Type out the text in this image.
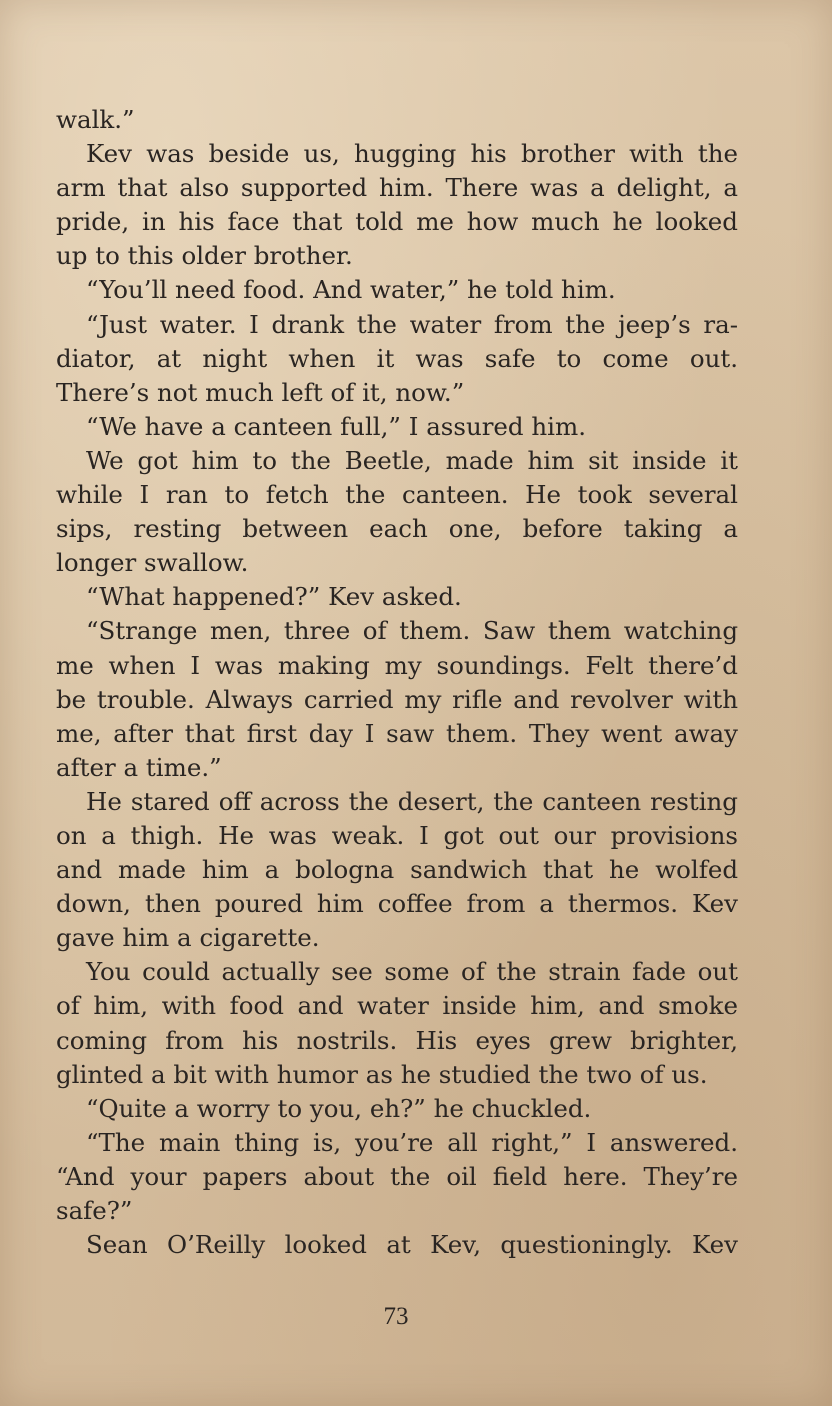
walk.”
Kev was beside us, hugging his brother with the
arm that also supported him. There was a delight, a
pride, in his face that told me how much he looked
up to this older brother.
“You’ll need food. And water,” he told him.
“Just water. I drank the water from the jeep’s ra-
diator, at night when it was safe to come out.
There’s not much left of it, now.”
“We have a canteen full,” I assured him.
We got him to the Beetle, made him sit inside it
while I ran to fetch the canteen. He took several
sips, resting between each one, before taking a
longer swallow.
“What happened?” Kev asked.
“Strange men, three of them. Saw them watching
me when I was making my soundings. Felt there’d
be trouble. Always carried my rifle and revolver with
me, after that first day I saw them. They went away
after a time.”
He stared off across the desert, the canteen resting
on a thigh. He was weak. I got out our provisions
and made him a bologna sandwich that he wolfed
down, then poured him coffee from a thermos. Kev
gave him a cigarette.
You could actually see some of the strain fade out
of him, with food and water inside him, and smoke
coming from his nostrils. His eyes grew brighter,
glinted a bit with humor as he studied the two of us.
“Quite a worry to you, eh?” he chuckled.
“The main thing is, you’re all right,” I answered.
“And your papers about the oil field here. They’re
safe?”
Sean O’Reilly looked at Kev, questioningly. Kev
73
